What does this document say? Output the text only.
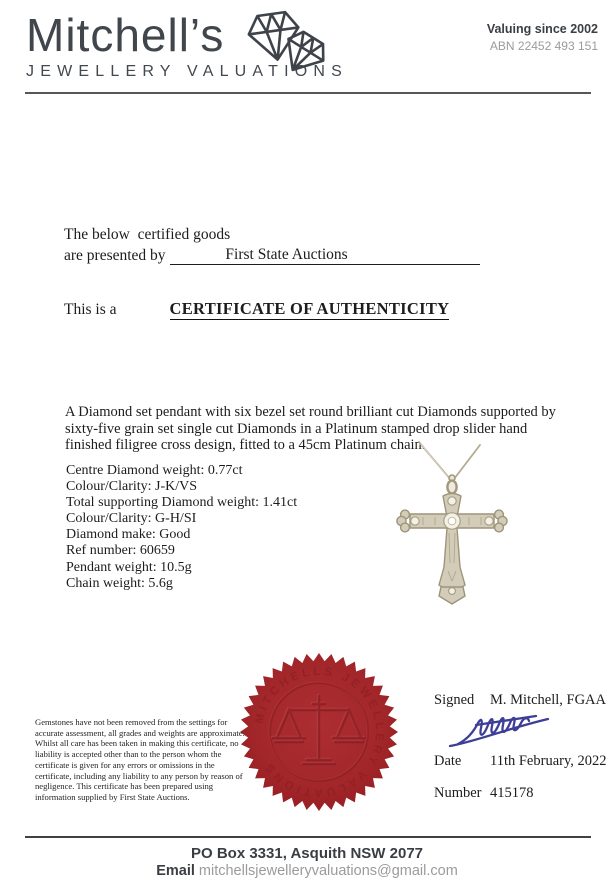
Mitchell’s
JEWELLERY VALUATIONS
Valuing since 2002
ABN 22452 493 151
The below  certified goods
are presented by	First State Auctions
This is a	CERTIFICATE OF AUTHENTICITY
A Diamond set pendant with six bezel set round brilliant cut Diamonds supported by sixty-five grain set single cut Diamonds in a Platinum stamped drop slider hand finished filigree cross design, fitted to a 45cm Platinum chain.
Centre Diamond weight: 0.77ct
Colour/Clarity: J-K/VS
Total supporting Diamond weight: 1.41ct
Colour/Clarity: G-H/SI
Diamond make: Good
Ref number: 60659
Pendant weight: 10.5g
Chain weight: 5.6g
MITCHELLS JEWELLERY VALUATIONS
Gemstones have not been removed from the settings for accurate assessment, all grades and weights are approximate. Whilst all care has been taken in making this certificate, no liability is accepted other than to the person whom the certificate is given for any errors or omissions in the certificate, including any liability to any person by reason of negligence. This certificate has been prepared using information supplied by First State Auctions.
Signed	M. Mitchell, FGAA
Date	11th February, 2022
Number 415178
PO Box 3331, Asquith NSW 2077
Email mitchellsjewelleryvaluations@gmail.com
